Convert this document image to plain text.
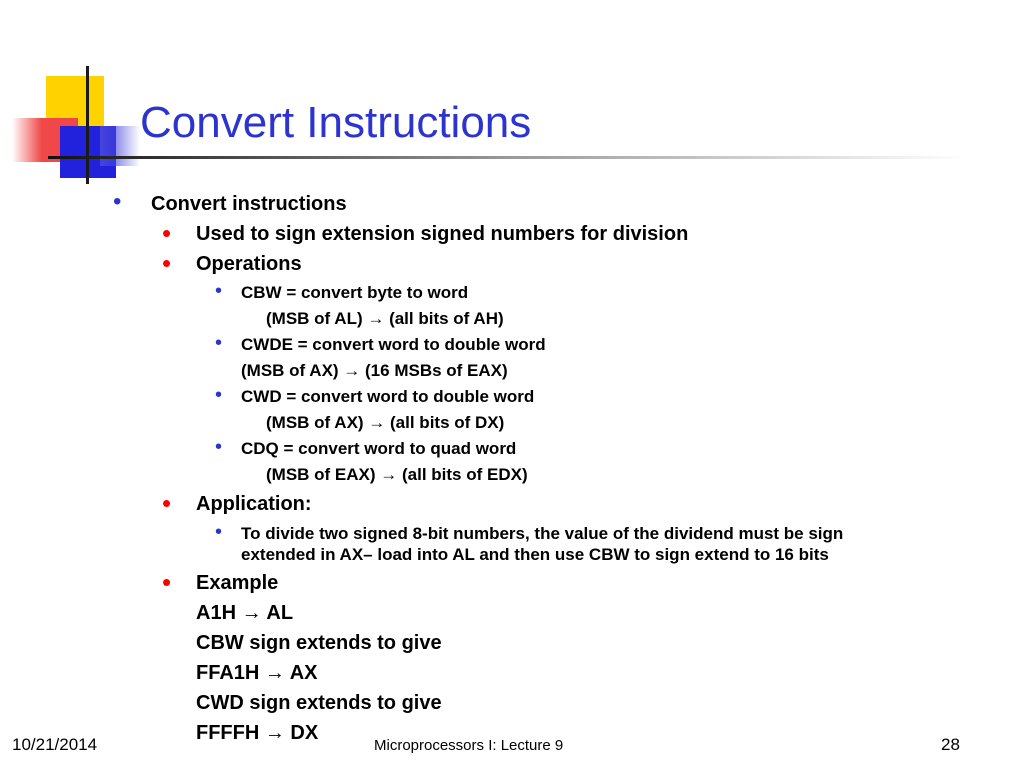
Convert Instructions
• Convert instructions
• Used to sign extension signed numbers for division
• Operations
• CBW = convert byte to word
(MSB of AL) → (all bits of AH)
• CWDE = convert word to double word
(MSB of AX) → (16 MSBs of EAX)
• CWD = convert word to double word
(MSB of AX) → (all bits of DX)
• CDQ = convert word to quad word
(MSB of EAX) → (all bits of EDX)
• Application:
• To divide two signed 8-bit numbers, the value of the dividend must be sign
extended in AX– load into AL and then use CBW to sign extend to 16 bits
• Example
A1H → AL
CBW sign extends to give
FFA1H → AX
CWD sign extends to give
FFFFH → DX
10/21/2014	Microprocessors I: Lecture 9	28
